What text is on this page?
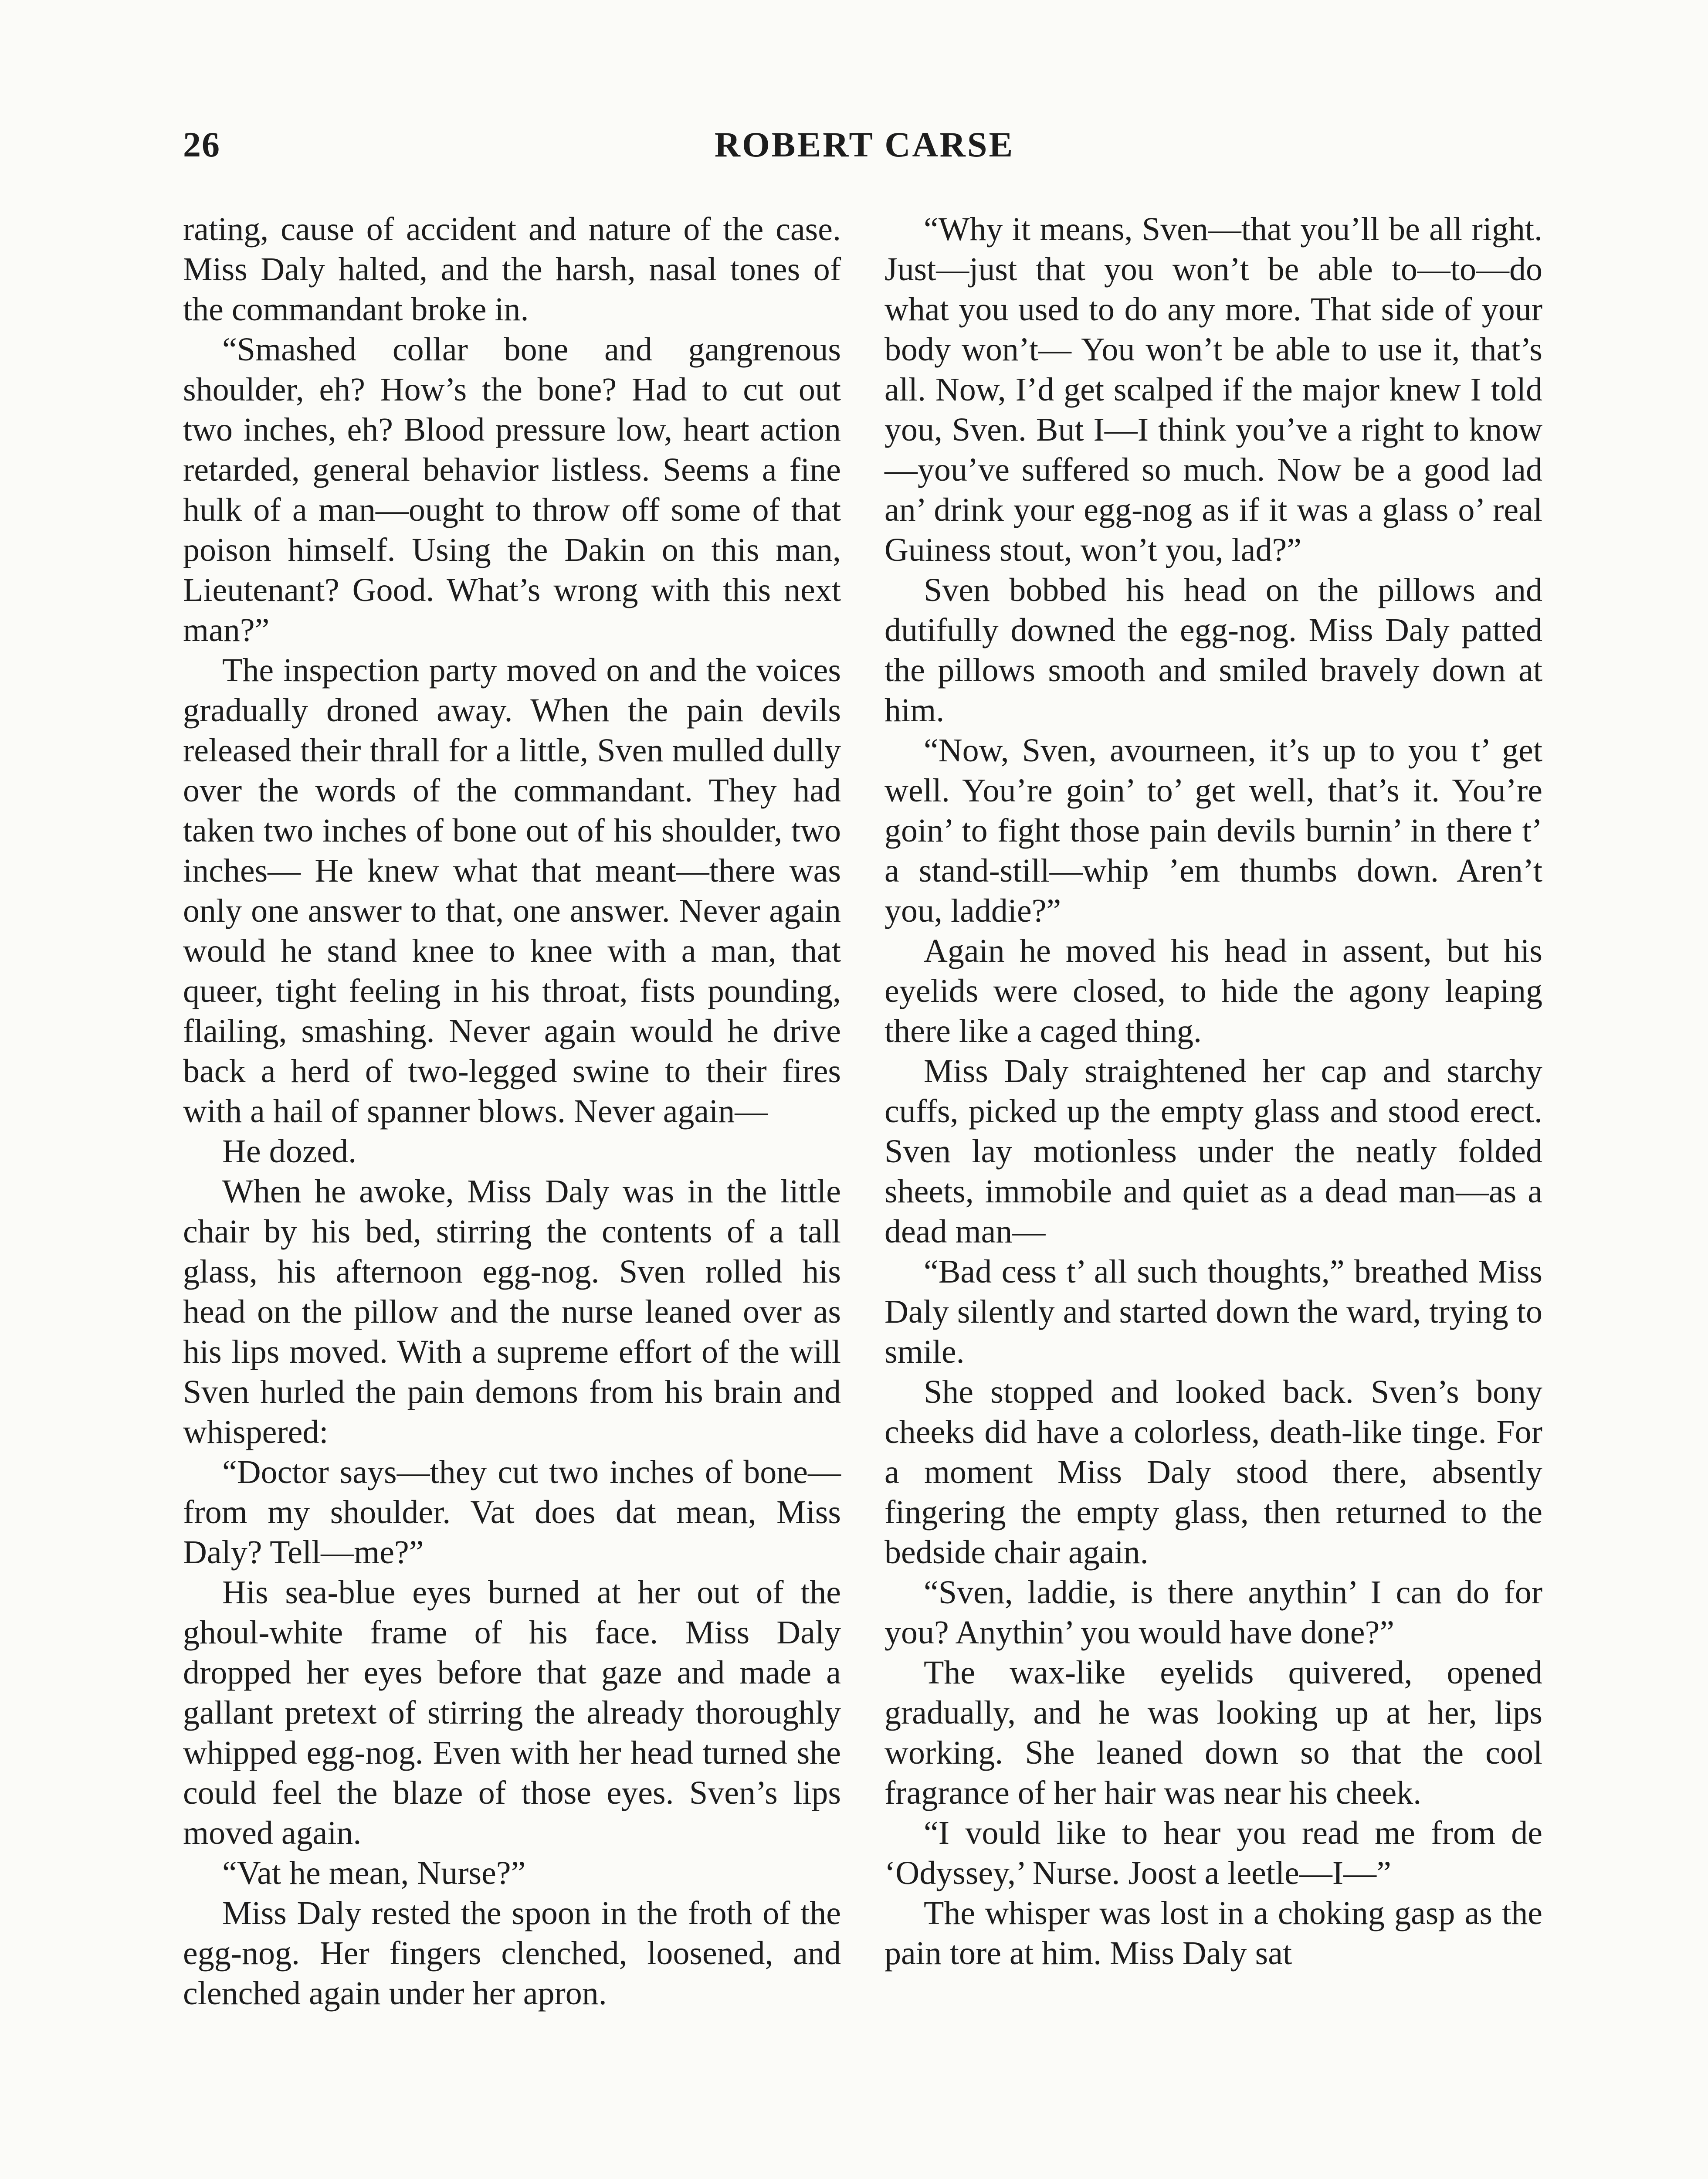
26	ROBERT CARSE

rating, cause of accident and nature of the case. Miss Daly halted, and the harsh, nasal tones of the commandant broke in.

“Smashed collar bone and gangrenous shoulder, eh? How’s the bone? Had to cut out two inches, eh? Blood pressure low, heart action retarded, general behavior listless. Seems a fine hulk of a man—ought to throw off some of that poison himself. Using the Dakin on this man, Lieutenant? Good. What’s wrong with this next man?”

The inspection party moved on and the voices gradually droned away. When the pain devils released their thrall for a little, Sven mulled dully over the words of the commandant. They had taken two inches of bone out of his shoulder, two inches— He knew what that meant—there was only one answer to that, one answer. Never again would he stand knee to knee with a man, that queer, tight feeling in his throat, fists pounding, flailing, smashing. Never again would he drive back a herd of two-legged swine to their fires with a hail of spanner blows. Never again—

He dozed.

When he awoke, Miss Daly was in the little chair by his bed, stirring the contents of a tall glass, his afternoon egg-nog. Sven rolled his head on the pillow and the nurse leaned over as his lips moved. With a supreme effort of the will Sven hurled the pain demons from his brain and whispered:

“Doctor says—they cut two inches of bone—from my shoulder. Vat does dat mean, Miss Daly? Tell—me?”

His sea-blue eyes burned at her out of the ghoul-white frame of his face. Miss Daly dropped her eyes before that gaze and made a gallant pretext of stirring the already thoroughly whipped egg-nog. Even with her head turned she could feel the blaze of those eyes. Sven’s lips moved again.

“Vat he mean, Nurse?”

Miss Daly rested the spoon in the froth of the egg-nog. Her fingers clenched, loosened, and clenched again under her apron.

“Why it means, Sven—that you’ll be all right. Just—just that you won’t be able to—to—do what you used to do any more. That side of your body won’t— You won’t be able to use it, that’s all. Now, I’d get scalped if the major knew I told you, Sven. But I—I think you’ve a right to know—you’ve suffered so much. Now be a good lad an’ drink your egg-nog as if it was a glass o’ real Guiness stout, won’t you, lad?”

Sven bobbed his head on the pillows and dutifully downed the egg-nog. Miss Daly patted the pillows smooth and smiled bravely down at him.

“Now, Sven, avourneen, it’s up to you t’ get well. You’re goin’ to’ get well, that’s it. You’re goin’ to fight those pain devils burnin’ in there t’ a stand-still—whip ’em thumbs down. Aren’t you, laddie?”

Again he moved his head in assent, but his eyelids were closed, to hide the agony leaping there like a caged thing.

Miss Daly straightened her cap and starchy cuffs, picked up the empty glass and stood erect. Sven lay motionless under the neatly folded sheets, immobile and quiet as a dead man—as a dead man—

“Bad cess t’ all such thoughts,” breathed Miss Daly silently and started down the ward, trying to smile.

She stopped and looked back. Sven’s bony cheeks did have a colorless, death-like tinge. For a moment Miss Daly stood there, absently fingering the empty glass, then returned to the bedside chair again.

“Sven, laddie, is there anythin’ I can do for you? Anythin’ you would have done?”

The wax-like eyelids quivered, opened gradually, and he was looking up at her, lips working. She leaned down so that the cool fragrance of her hair was near his cheek.

“I vould like to hear you read me from de ‘Odyssey,’ Nurse. Joost a leetle—I—”

The whisper was lost in a choking gasp as the pain tore at him. Miss Daly sat
